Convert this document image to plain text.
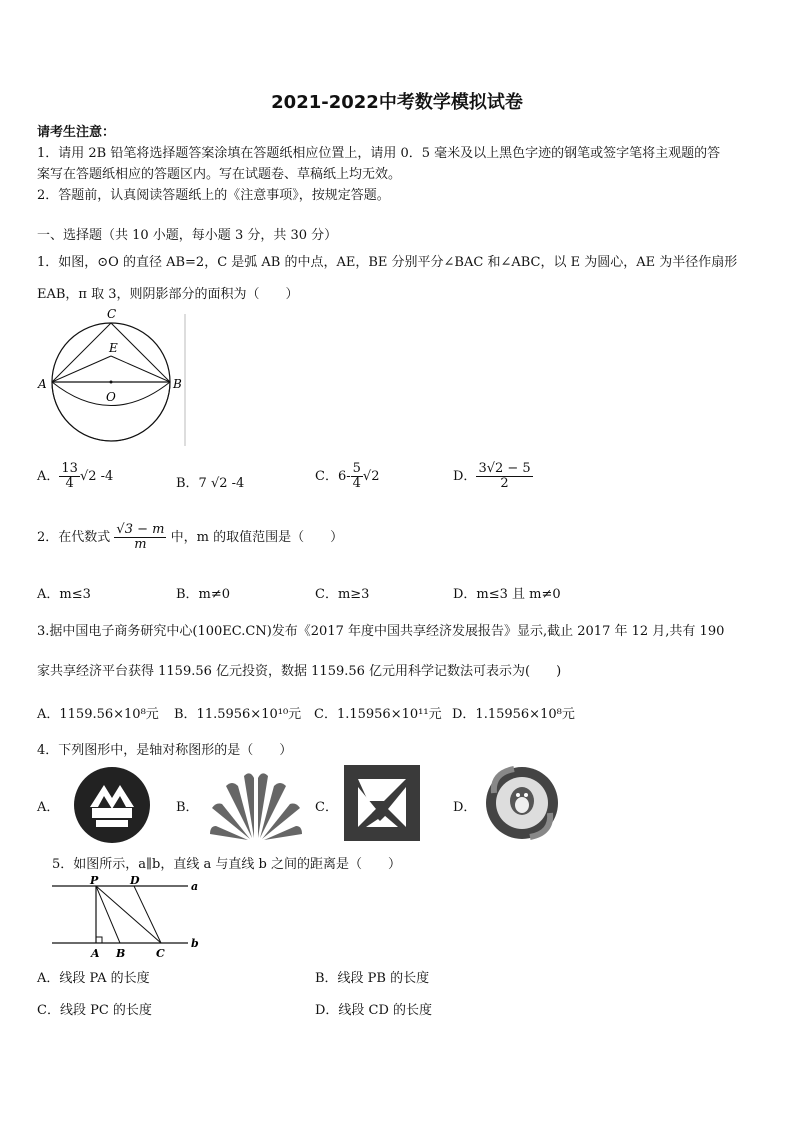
2021-2022中考数学模拟试卷
请考生注意：
1．请用 2B 铅笔将选择题答案涂填在答题纸相应位置上，请用 0．5 毫米及以上黑色字迹的钢笔或签字笔将主观题的答
案写在答题纸相应的答题区内。写在试题卷、草稿纸上均无效。
2．答题前，认真阅读答题纸上的《注意事项》，按规定答题。
一、选择题（共 10 小题，每小题 3 分，共 30 分）
1．如图，⊙O 的直径 AB=2，C 是弧 AB 的中点，AE，BE 分别平分∠BAC 和∠ABC，以 E 为圆心，AE 为半径作扇形
EAB，π 取 3，则阴影部分的面积为（　　）
C
E
A	B
O
A． $\frac{13}{4} √2$ -4	B．7 √2 -4	C．$6- \frac{5}{4} √2$	D． $\frac{3√2 - 5}{2}$
2．在代数式 $\frac{√3 - m}{m}$ 中，m 的取值范围是（　　）
A．m≤3	B．m≠0	C．m≥3	D．m≤3 且 m≠0
3.据中国电子商务研究中心(100EC.CN)发布《2017 年度中国共享经济发展报告》显示,截止 2017 年 12 月,共有 190
家共享经济平台获得 1159.56 亿元投资，数据 1159.56 亿元用科学记数法可表示为(　　)
A．1159.56×10⁸元 B．11.5956×10¹⁰元 C．1.15956×10¹¹元 D．1.15956×10⁸元
4．下列图形中，是轴对称图形的是（　　）
A．	B．	C．	D．
5．如图所示，a∥b，直线 a 与直线 b 之间的距离是（　　）
P	D	a
b
A B	C
A．线段 PA 的长度	B．线段 PB 的长度
C．线段 PC 的长度	D．线段 CD 的长度
